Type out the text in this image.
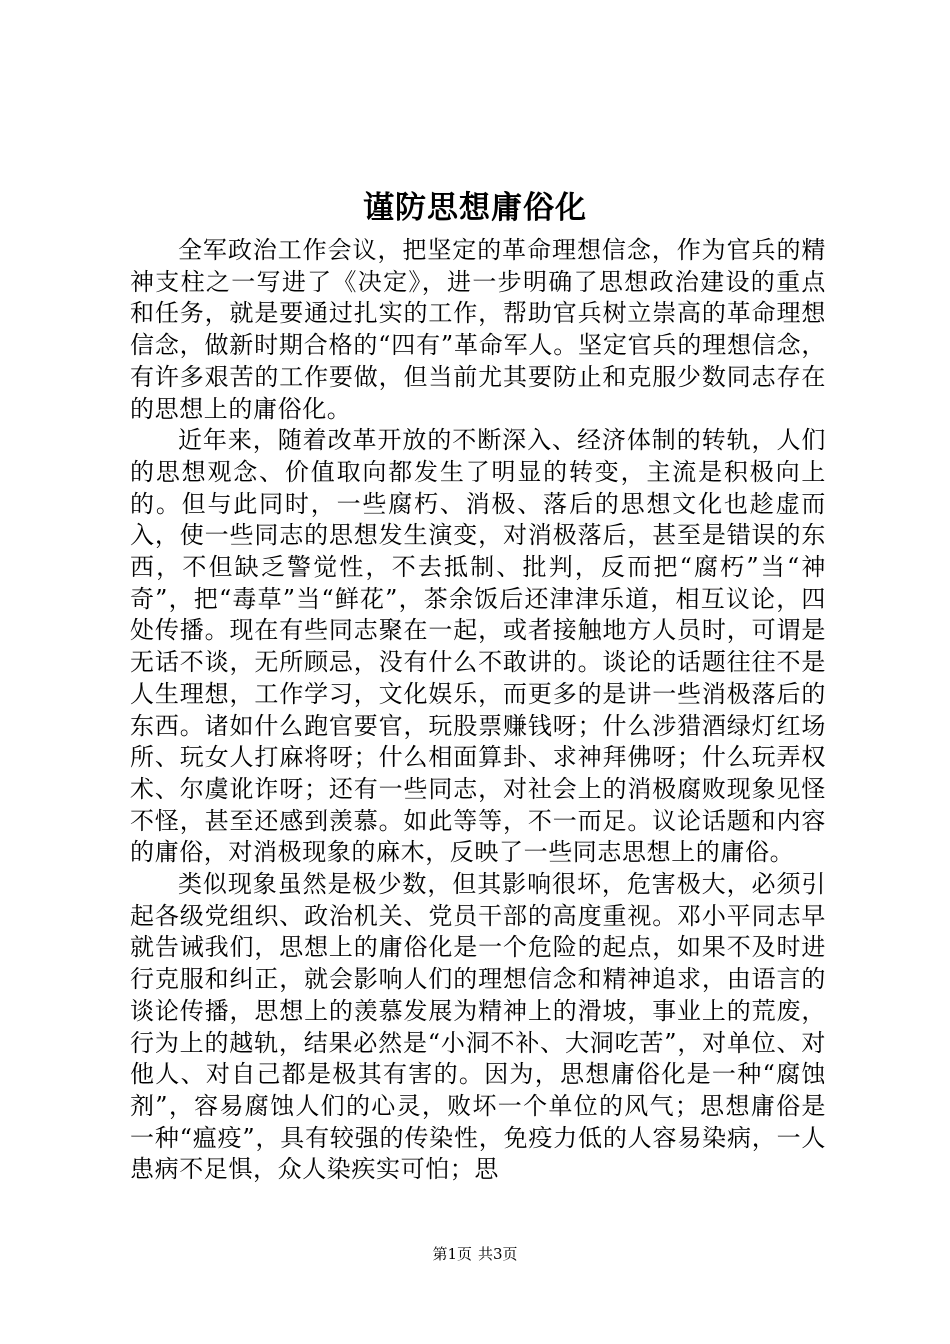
谨防思想庸俗化

全军政治工作会议，把坚定的革命理想信念，作为官兵的精神支柱之一写进了《决定》，进一步明确了思想政治建设的重点和任务，就是要通过扎实的工作，帮助官兵树立崇高的革命理想信念，做新时期合格的“四有”革命军人。坚定官兵的理想信念，有许多艰苦的工作要做，但当前尤其要防止和克服少数同志存在的思想上的庸俗化。

近年来，随着改革开放的不断深入、经济体制的转轨，人们的思想观念、价值取向都发生了明显的转变，主流是积极向上的。但与此同时，一些腐朽、消极、落后的思想文化也趁虚而入，使一些同志的思想发生演变，对消极落后，甚至是错误的东西，不但缺乏警觉性，不去抵制、批判，反而把“腐朽”当“神奇”，把“毒草”当“鲜花”，茶余饭后还津津乐道，相互议论，四处传播。现在有些同志聚在一起，或者接触地方人员时，可谓是无话不谈，无所顾忌，没有什么不敢讲的。谈论的话题往往不是人生理想，工作学习，文化娱乐，而更多的是讲一些消极落后的东西。诸如什么跑官要官，玩股票赚钱呀；什么涉猎酒绿灯红场所、玩女人打麻将呀；什么相面算卦、求神拜佛呀；什么玩弄权术、尔虞讹诈呀；还有一些同志，对社会上的消极腐败现象见怪不怪，甚至还感到羡慕。如此等等，不一而足。议论话题和内容的庸俗，对消极现象的麻木，反映了一些同志思想上的庸俗。

类似现象虽然是极少数，但其影响很坏，危害极大，必须引起各级党组织、政治机关、党员干部的高度重视。邓小平同志早就告诫我们，思想上的庸俗化是一个危险的起点，如果不及时进行克服和纠正，就会影响人们的理想信念和精神追求，由语言的谈论传播，思想上的羡慕发展为精神上的滑坡，事业上的荒废，行为上的越轨，结果必然是“小洞不补、大洞吃苦”，对单位、对他人、对自己都是极其有害的。因为，思想庸俗化是一种“腐蚀剂”，容易腐蚀人们的心灵，败坏一个单位的风气；思想庸俗是一种“瘟疫”，具有较强的传染性，免疫力低的人容易染病，一人患病不足惧，众人染疾实可怕；思

第1页 共3页
